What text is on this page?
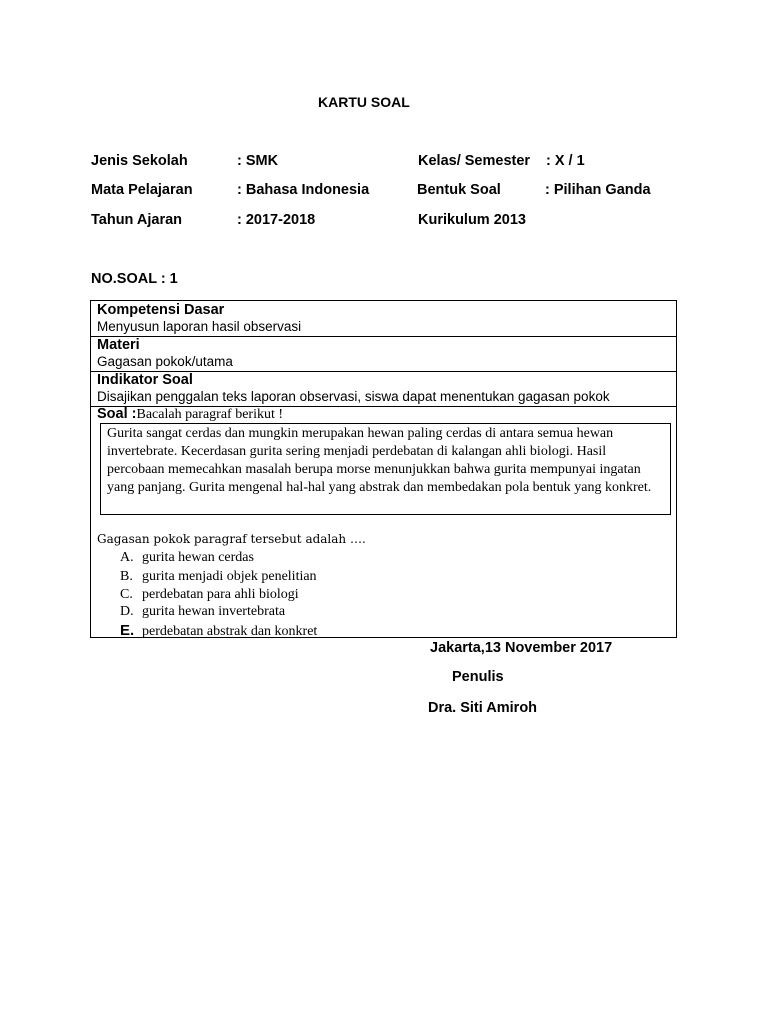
KARTU SOAL
Jenis Sekolah	: SMK	Kelas/ Semester : X / 1
Mata Pelajaran	: Bahasa Indonesia	Bentuk Soal	: Pilihan Ganda
Tahun Ajaran	: 2017-2018	Kurikulum 2013
NO.SOAL : 1
Kompetensi Dasar
Menyusun laporan hasil observasi
Materi
Gagasan pokok/utama
Indikator Soal
Disajikan penggalan teks laporan observasi, siswa dapat menentukan gagasan pokok
Soal :Bacalah paragraf berikut !
Gurita sangat cerdas dan mungkin merupakan hewan paling cerdas di antara semua hewan invertebrate. Kecerdasan gurita sering menjadi perdebatan di kalangan ahli biologi. Hasil percobaan memecahkan masalah berupa morse menunjukkan bahwa gurita mempunyai ingatan yang panjang. Gurita mengenal hal-hal yang abstrak dan membedakan pola bentuk yang konkret.
Gagasan pokok paragraf tersebut adalah ….
A. gurita hewan cerdas
B. gurita menjadi objek penelitian
C. perdebatan para ahli biologi
D. gurita hewan invertebrata
E. perdebatan abstrak dan konkret
Jakarta,13 November 2017
Penulis
Dra. Siti Amiroh
